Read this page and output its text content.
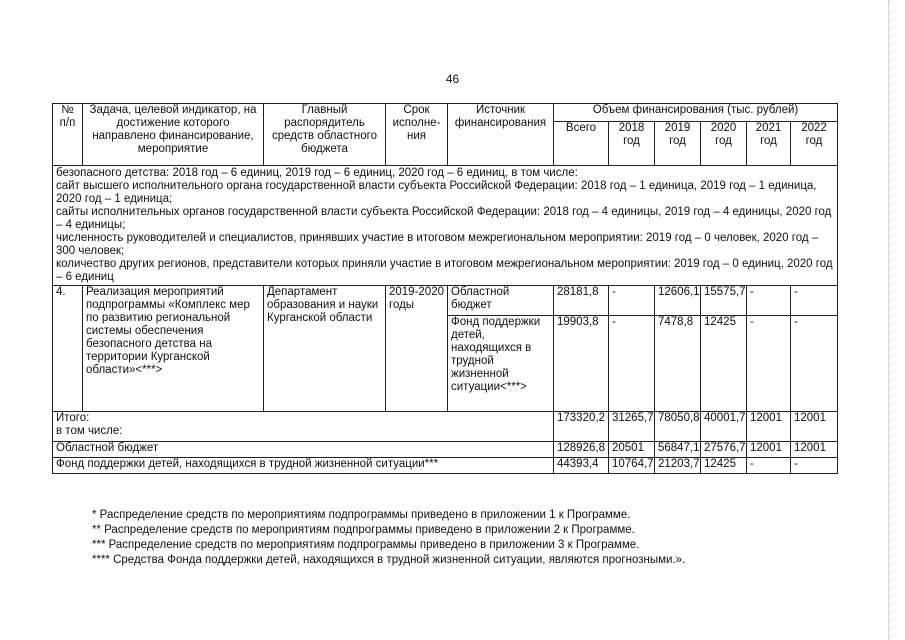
46
№ п/п	Задача, целевой индикатор, на достижение которого направлено финансирование, мероприятие	Главный распорядитель средств областного бюджета	Срок исполне-ния	Источник финансирования	Объем финансирования (тыс. рублей)					
					Всего	2018 год	2019 год	2020 год	2021 год	2022 год

безопасного детства: 2018 год – 6 единиц, 2019 год – 6 единиц, 2020 год – 6 единиц, в том числе:
сайт высшего исполнительного органа государственной власти субъекта Российской Федерации: 2018 год – 1 единица, 2019 год – 1 единица, 2020 год – 1 единица;
сайты исполнительных органов государственной власти субъекта Российской Федерации: 2018 год – 4 единицы, 2019 год – 4 единицы, 2020 год – 4 единицы;
численность руководителей и специалистов, принявших участие в итоговом межрегиональном мероприятии: 2019 год – 0 человек, 2020 год – 300 человек;
количество других регионов, представители которых приняли участие в итоговом межрегиональном мероприятии: 2019 год – 0 единиц, 2020 год – 6 единиц										

4.	Реализация мероприятий подпрограммы «Комплекс мер по развитию региональной системы обеспечения безопасного детства на территории Курганской области»<***>	Департамент образования и науки Курганской области	2019-2020 годы	Областной бюджет	28181,8	-	12606,1	15575,7	-	-
				Фонд поддержки детей, находящихся в трудной жизненной ситуации<***>	19903,8	-	7478,8	12425	-	-

Итого:
в том числе:					173320,2	31265,7	78050,8	40001,7	12001	12001
Областной бюджет					128926,8	20501	56847,1	27576,7	12001	12001
Фонд поддержки детей, находящихся в трудной жизненной ситуации***					44393,4	10764,7	21203,7	12425	-	-
* Распределение средств по мероприятиям подпрограммы приведено в приложении 1 к Программе.
** Распределение средств по мероприятиям подпрограммы приведено в приложении 2 к Программе.
*** Распределение средств по мероприятиям подпрограммы приведено в приложении 3 к Программе.
**** Средства Фонда поддержки детей, находящихся в трудной жизненной ситуации, являются прогнозными.».
